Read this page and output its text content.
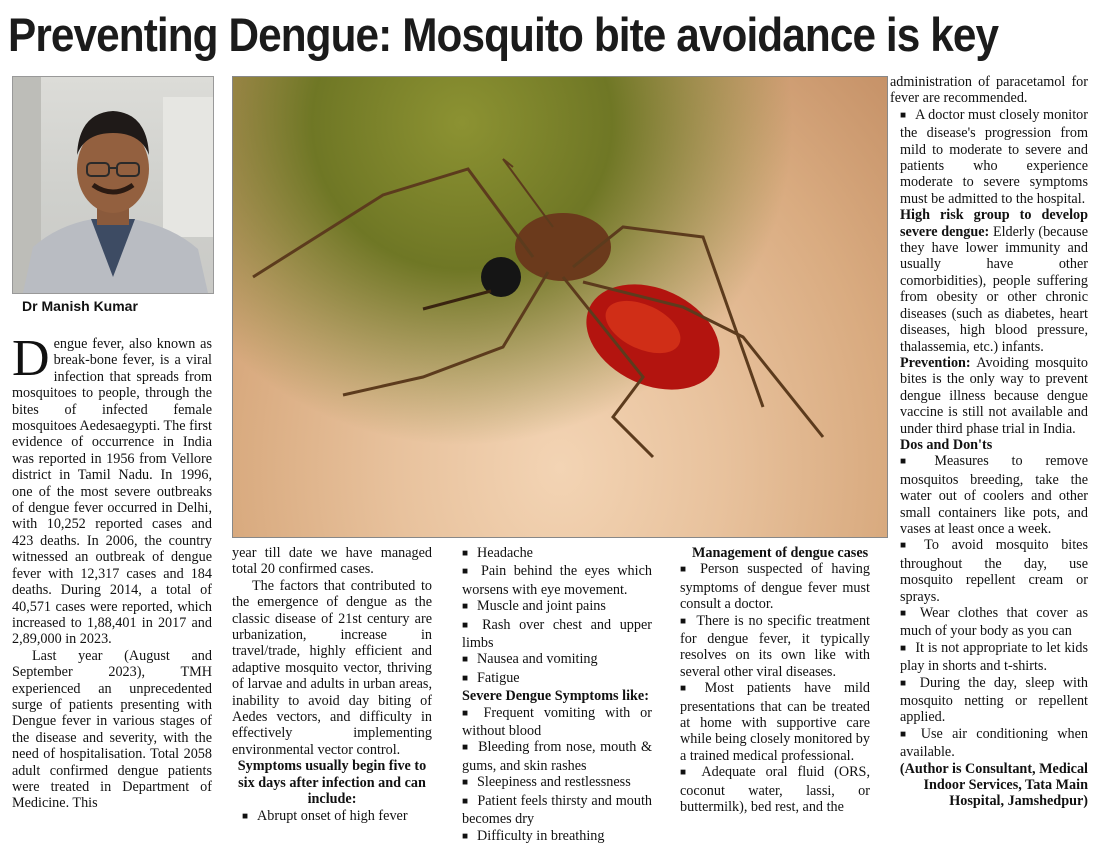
Preventing Dengue: Mosquito bite avoidance is key
Dr Manish Kumar

Dengue fever, also known as break-bone fever, is a viral infection that spreads from mosquitoes to people, through the bites of infected female mosquitoes Aedesaegypti. The first evidence of occurrence in India was reported in 1956 from Vellore district in Tamil Nadu. In 1996, one of the most severe outbreaks of dengue fever occurred in Delhi, with 10,252 reported cases and 423 deaths. In 2006, the country witnessed an outbreak of dengue fever with 12,317 cases and 184 deaths. During 2014, a total of 40,571 cases were reported, which increased to 1,88,401 in 2017 and 2,89,000 in 2023.

Last year (August and September 2023), TMH experienced an unprecedented surge of patients presenting with Dengue fever in various stages of the disease and severity, with the need of hospitalisation. Total 2058 adult confirmed dengue patients were treated in Department of Medicine. This

year till date we have managed total 20 confirmed cases.

The factors that contributed to the emergence of dengue as the classic disease of 21st century are urbanization, increase in travel/trade, highly efficient and adaptive mosquito vector, thriving of larvae and adults in urban areas, inability to avoid day biting of Aedes vectors, and difficulty in effectively implementing environmental vector control.

Symptoms usually begin five to six days after infection and can include:

■ Abrupt onset of high fever

■ Headache

■ Pain behind the eyes which worsens with eye movement.

■ Muscle and joint pains

■ Rash over chest and upper limbs

■ Nausea and vomiting

■ Fatigue

Severe Dengue Symptoms like:

■ Frequent vomiting with or without blood

■ Bleeding from nose, mouth & gums, and skin rashes

■ Sleepiness and restlessness

■ Patient feels thirsty and mouth becomes dry

■ Difficulty in breathing

Management of dengue cases

■ Person suspected of having symptoms of dengue fever must consult a doctor.

■ There is no specific treatment for dengue fever, it typically resolves on its own like with several other viral diseases.

■ Most patients have mild presentations that can be treated at home with supportive care while being closely monitored by a trained medical professional.

■ Adequate oral fluid (ORS, coconut water, lassi, or buttermilk), bed rest, and the

administration of paracetamol for fever are recommended.

■ A doctor must closely monitor the disease's progression from mild to moderate to severe and patients who experience moderate to severe symptoms must be admitted to the hospital.

High risk group to develop severe dengue: Elderly (because they have lower immunity and usually have other comorbidities), people suffering from obesity or other chronic diseases (such as diabetes, heart diseases, high blood pressure, thalassemia, etc.) infants.

Prevention: Avoiding mosquito bites is the only way to prevent dengue illness because dengue vaccine is still not available and under third phase trial in India.

Dos and Don'ts

■ Measures to remove mosquitos breeding, take the water out of coolers and other small containers like pots, and vases at least once a week.

■ To avoid mosquito bites throughout the day, use mosquito repellent cream or sprays.

■ Wear clothes that cover as much of your body as you can

■ It is not appropriate to let kids play in shorts and t-shirts.

■ During the day, sleep with mosquito netting or repellent applied.

■ Use air conditioning when available.

(Author is Consultant, Medical Indoor Services, Tata Main Hospital, Jamshedpur)
